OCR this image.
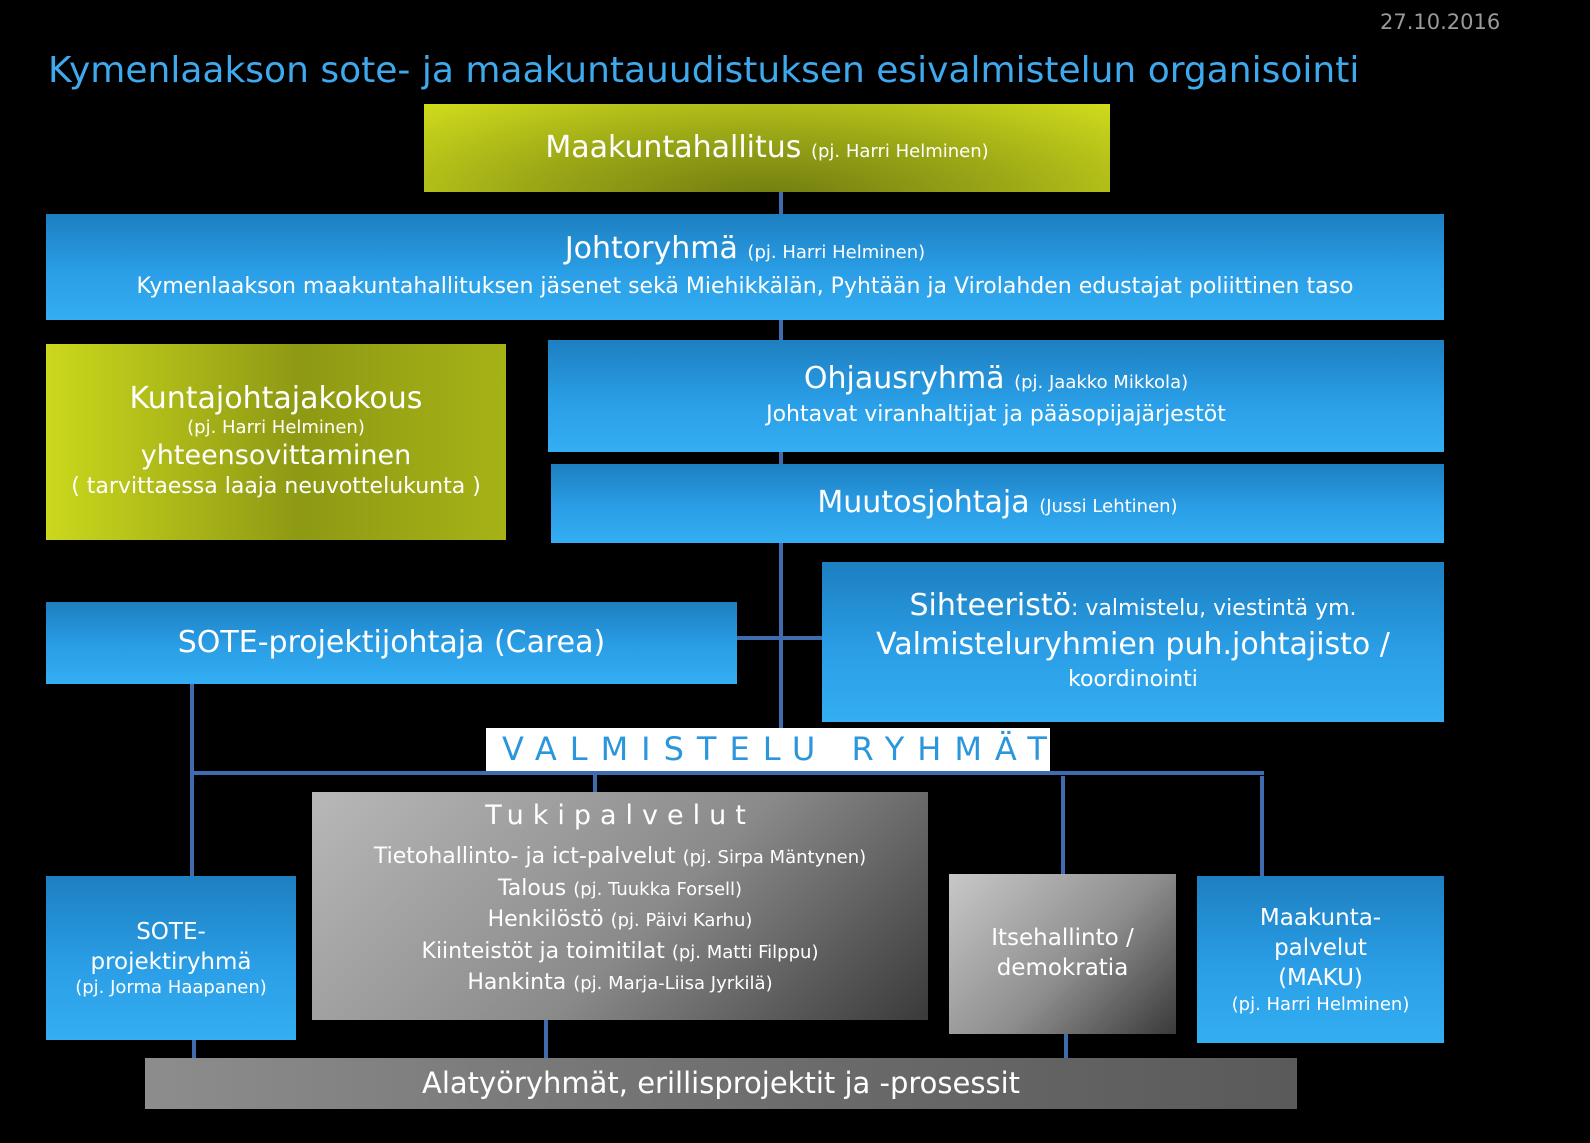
27.10.2016
Kymenlaakson sote- ja maakuntauudistuksen esivalmistelun organisointi
Maakuntahallitus (pj. Harri Helminen)
Johtoryhmä (pj. Harri Helminen)
Kymenlaakson maakuntahallituksen jäsenet sekä Miehikkälän, Pyhtään ja Virolahden edustajat poliittinen taso
Kuntajohtajakokous
(pj. Harri Helminen)
yhteensovittaminen
( tarvittaessa laaja neuvottelukunta )
Ohjausryhmä (pj. Jaakko Mikkola)
Johtavat viranhaltijat ja pääsopijajärjestöt
Muutosjohtaja (Jussi Lehtinen)
SOTE-projektijohtaja (Carea)
Sihteeristö: valmistelu, viestintä ym.
Valmisteluryhmien puh.johtajisto /
koordinointi
VALMISTELU RYHMÄT
Tukipalvelut
Tietohallinto- ja ict-palvelut (pj. Sirpa Mäntynen)
Talous (pj. Tuukka Forsell)
Henkilöstö (pj. Päivi Karhu)
Kiinteistöt ja toimitilat (pj. Matti Filppu)
Hankinta (pj. Marja-Liisa Jyrkilä)
SOTE-
projektiryhmä
(pj. Jorma Haapanen)
Itsehallinto /
demokratia
Maakunta-
palvelut
(MAKU)
(pj. Harri Helminen)
Alatyöryhmät, erillisprojektit ja -prosessit
